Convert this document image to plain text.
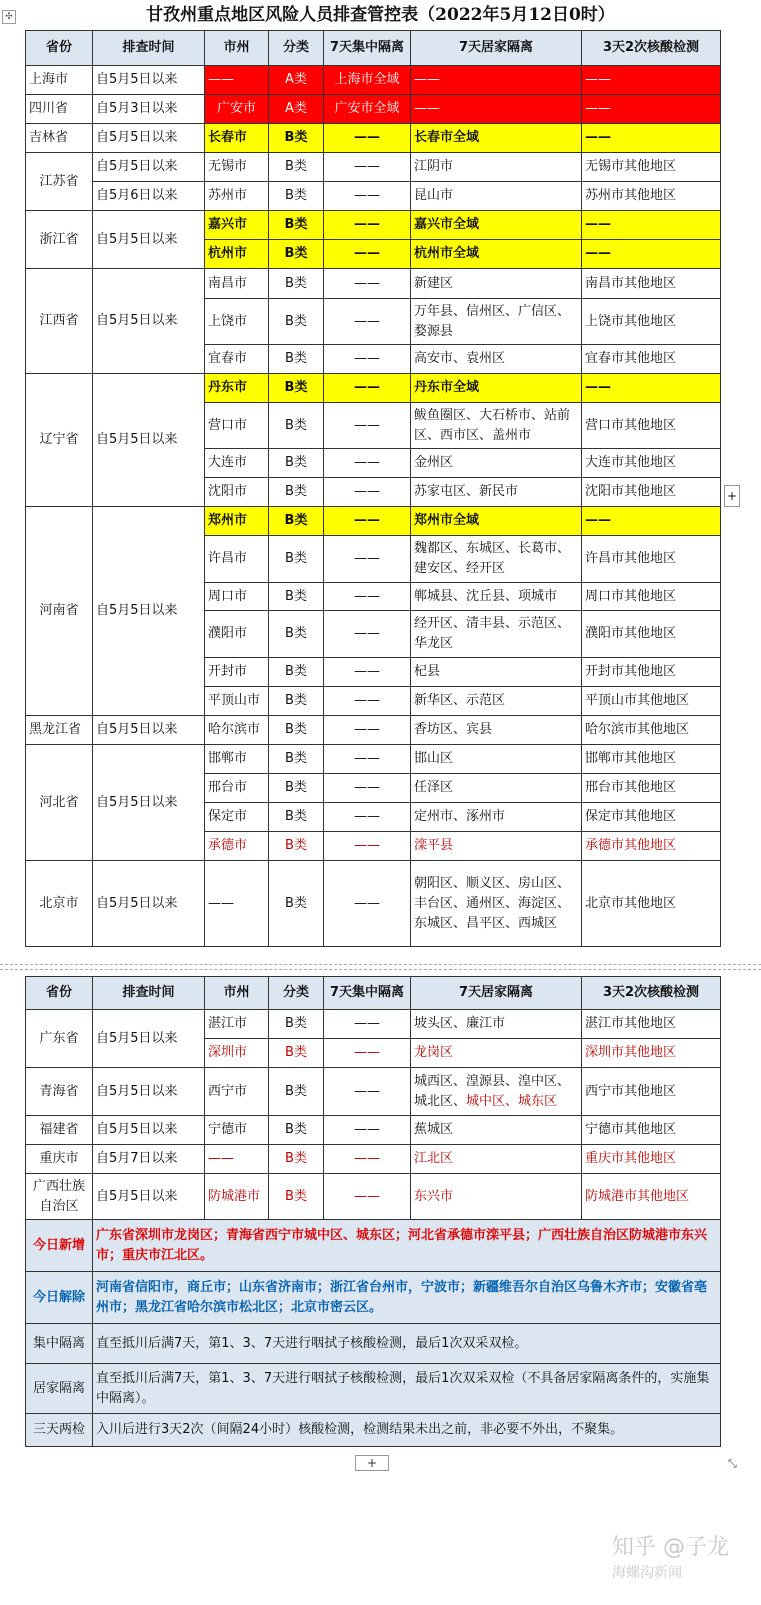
✣	甘孜州重点地区风险人员排查管控表（2022年5月12日0时）
省份	排查时间	市州	分类	7天集中隔离	7天居家隔离	3天2次核酸检测
上海市	自5月5日以来	——	A类	上海市全域	——	——
四川省	自5月3日以来	广安市	A类	广安市全域	——	——
吉林省	自5月5日以来	长春市	B类	——	长春市全域	——
江苏省	自5月5日以来	无锡市	B类	——	江阴市	无锡市其他地区
	自5月6日以来	苏州市	B类	——	昆山市	苏州市其他地区
浙江省	自5月5日以来	嘉兴市	B类	——	嘉兴市全域	——
		杭州市	B类	——	杭州市全域	——
江西省	自5月5日以来	南昌市	B类	——	新建区	南昌市其他地区
		上饶市	B类	——	万年县、信州区、广信区、婺源县	上饶市其他地区
		宜春市	B类	——	高安市、袁州区	宜春市其他地区
辽宁省	自5月5日以来	丹东市	B类	——	丹东市全域	——
		营口市	B类	——	鲅鱼圈区、大石桥市、站前区、西市区、盖州市	营口市其他地区
		大连市	B类	——	金州区	大连市其他地区
		沈阳市	B类	——	苏家屯区、新民市	沈阳市其他地区
河南省	自5月5日以来	郑州市	B类	——	郑州市全域	——
		许昌市	B类	——	魏都区、东城区、长葛市、建安区、经开区	许昌市其他地区
		周口市	B类	——	郸城县、沈丘县、项城市	周口市其他地区
		濮阳市	B类	——	经开区、清丰县、示范区、华龙区	濮阳市其他地区
		开封市	B类	——	杞县	开封市其他地区
		平顶山市	B类	——	新华区、示范区	平顶山市其他地区
黑龙江省	自5月5日以来	哈尔滨市	B类	——	香坊区、宾县	哈尔滨市其他地区
河北省	自5月5日以来	邯郸市	B类	——	邯山区	邯郸市其他地区
		邢台市	B类	——	任泽区	邢台市其他地区
		保定市	B类	——	定州市、涿州市	保定市其他地区
		承德市	B类	——	滦平县	承德市其他地区
北京市	自5月5日以来	——	B类	——	朝阳区、顺义区、房山区、丰台区、通州区、海淀区、东城区、昌平区、西城区	北京市其他地区
+
省份	排查时间	市州	分类	7天集中隔离	7天居家隔离	3天2次核酸检测
广东省	自5月5日以来	湛江市	B类	——	坡头区、廉江市	湛江市其他地区
		深圳市	B类	——	龙岗区	深圳市其他地区
青海省	自5月5日以来	西宁市	B类	——	城西区、湟源县、湟中区、城北区、城中区、城东区	西宁市其他地区
福建省	自5月5日以来	宁德市	B类	——	蕉城区	宁德市其他地区
重庆市	自5月7日以来	——	B类	——	江北区	重庆市其他地区
广西壮族自治区	自5月5日以来	防城港市	B类	——	东兴市	防城港市其他地区
今日新增	广东省深圳市龙岗区；青海省西宁市城中区、城东区；河北省承德市滦平县；广西壮族自治区防城港市东兴市；重庆市江北区。					
今日解除	河南省信阳市，商丘市；山东省济南市；浙江省台州市，宁波市；新疆维吾尔自治区乌鲁木齐市；安徽省亳州市；黑龙江省哈尔滨市松北区；北京市密云区。					
集中隔离	直至抵川后满7天，第1、3、7天进行咽拭子核酸检测，最后1次双采双检。					
居家隔离	直至抵川后满7天，第1、3、7天进行咽拭子核酸检测，最后1次双采双检（不具备居家隔离条件的，实施集中隔离）。					
三天两检	入川后进行3天2次（间隔24小时）核酸检测，检测结果未出之前，非必要不外出，不聚集。					
+	⤡
知乎 @子龙
海螺沟新闻
